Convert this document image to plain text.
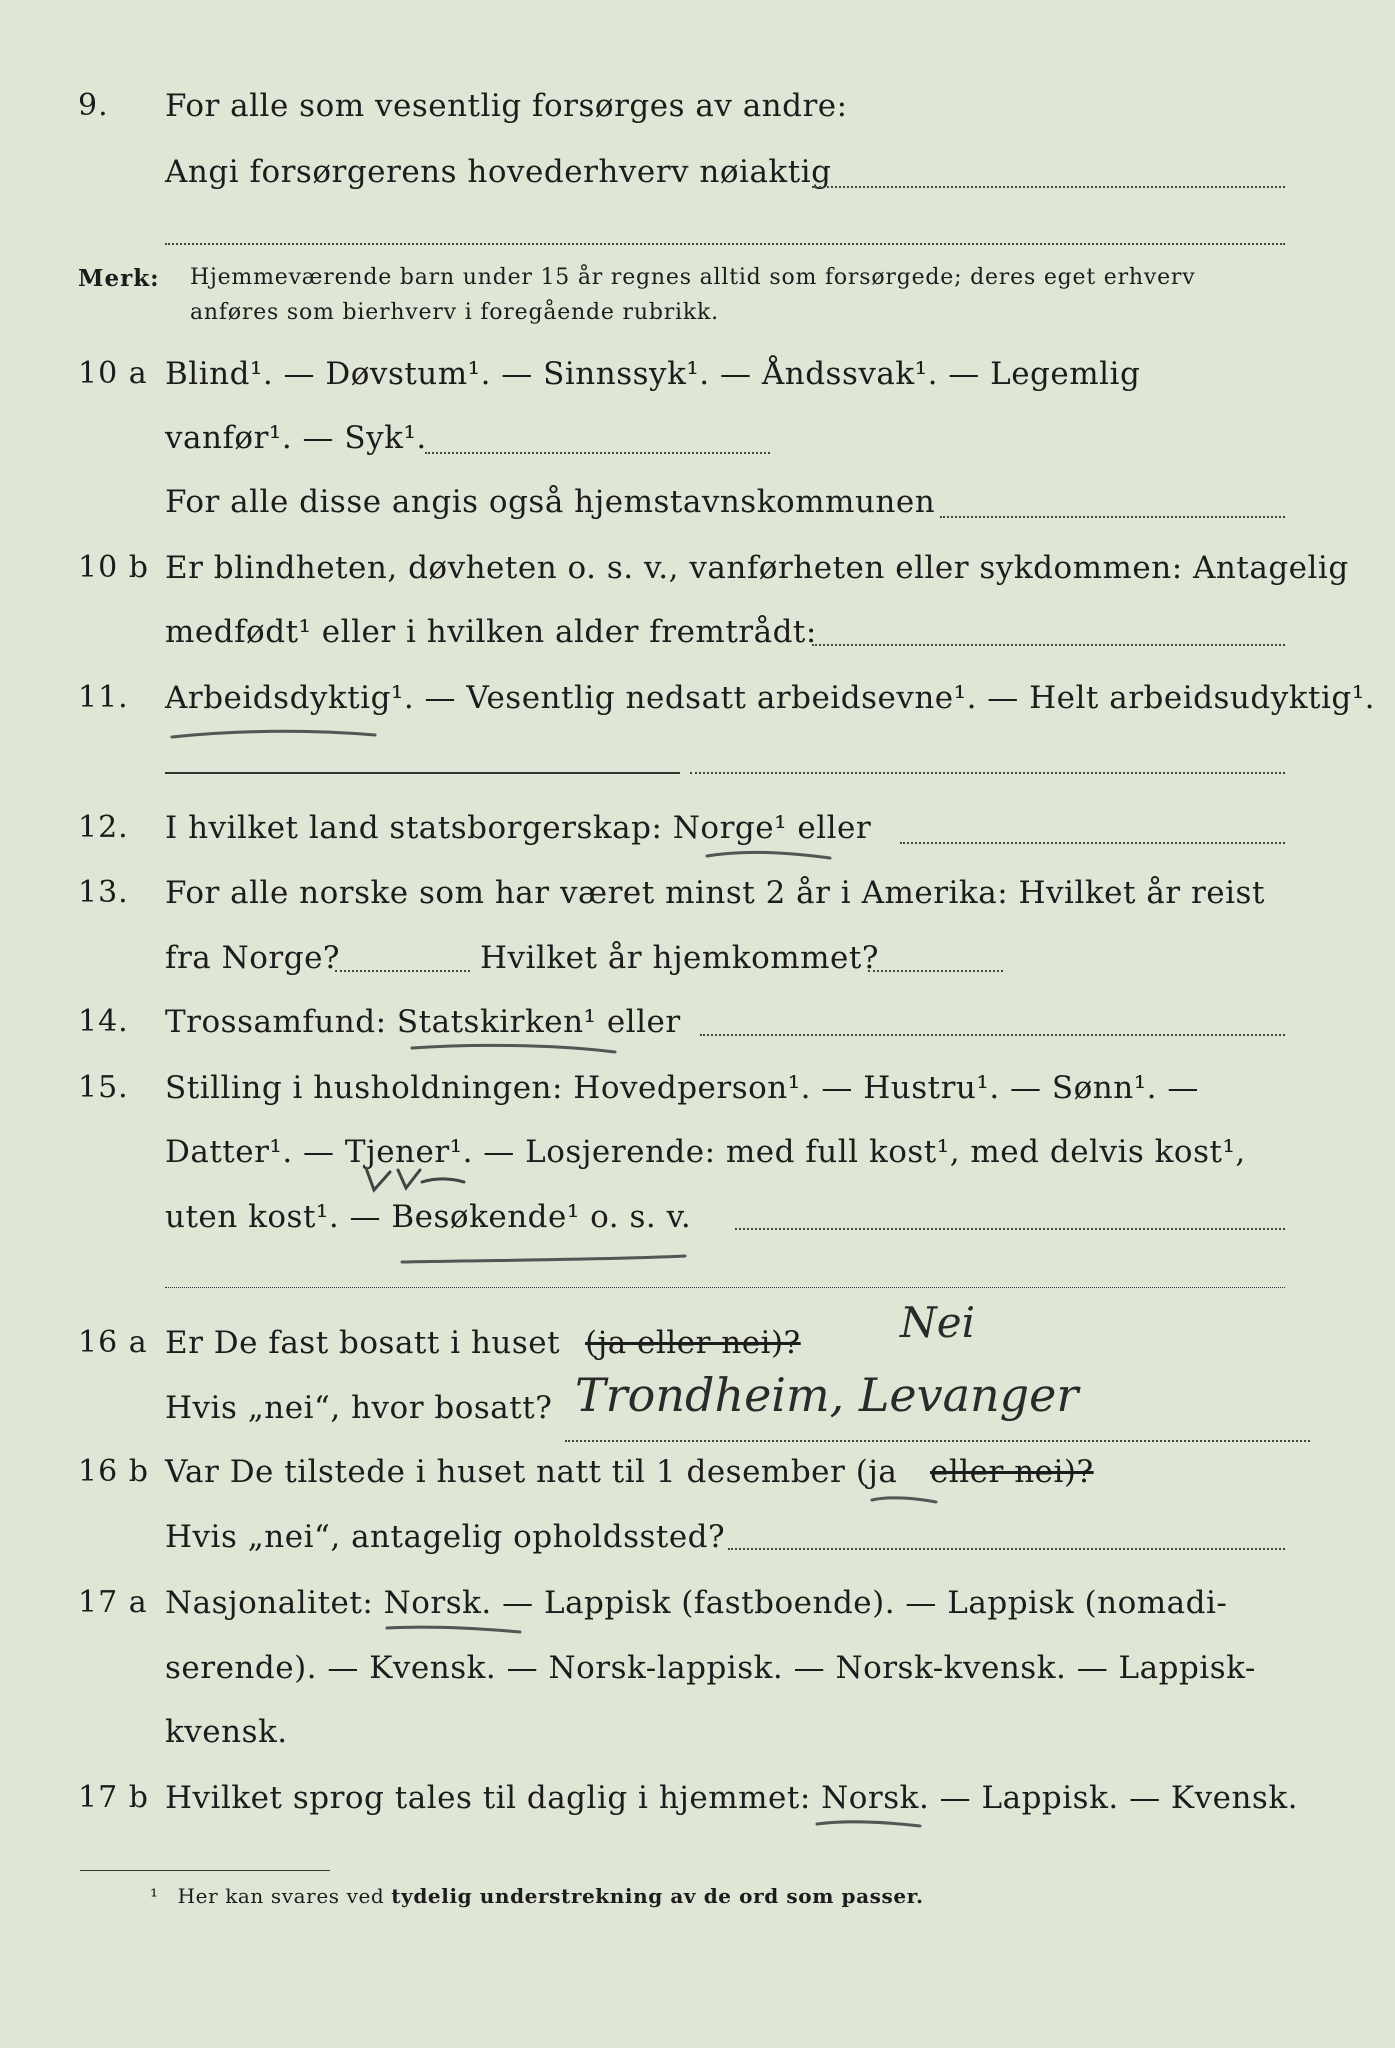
9. For alle som vesentlig forsørges av andre:
Angi forsørgerens hovederhverv nøiaktig
Merk: Hjemmeværende barn under 15 år regnes alltid som forsørgede; deres eget erhverv
anføres som bierhverv i foregående rubrikk.
10 a Blind¹. — Døvstum¹. — Sinnssyk¹. — Åndssvak¹. — Legemlig
vanfør¹. — Syk¹.
For alle disse angis også hjemstavnskommunen
10 b Er blindheten, døvheten o. s. v., vanførheten eller sykdommen: Antagelig
medfødt¹ eller i hvilken alder fremtrådt:
11. Arbeidsdyktig¹. — Vesentlig nedsatt arbeidsevne¹. — Helt arbeidsudyktig¹.
12. I hvilket land statsborgerskap: Norge¹ eller
13. For alle norske som har været minst 2 år i Amerika: Hvilket år reist
fra Norge?	Hvilket år hjemkommet?
14. Trossamfund: Statskirken¹ eller
15. Stilling i husholdningen: Hovedperson¹. — Hustru¹. — Sønn¹. —
Datter¹. — Tjener¹. — Losjerende: med full kost¹, med delvis kost¹,
uten kost¹. — Besøkende¹ o. s. v.
16 a Er De fast bosatt i huset (ja eller nei)? Nei
Hvis „nei“, hvor bosatt? Trondheim, Levanger
16 b Var De tilstede i huset natt til 1 desember (ja eller nei)?
Hvis „nei“, antagelig opholdssted?
17 a Nasjonalitet: Norsk. — Lappisk (fastboende). — Lappisk (nomadi-
serende). — Kvensk. — Norsk-lappisk. — Norsk-kvensk. — Lappisk-
kvensk.
17 b Hvilket sprog tales til daglig i hjemmet: Norsk. — Lappisk. — Kvensk.
¹ Her kan svares ved tydelig understrekning av de ord som passer.
